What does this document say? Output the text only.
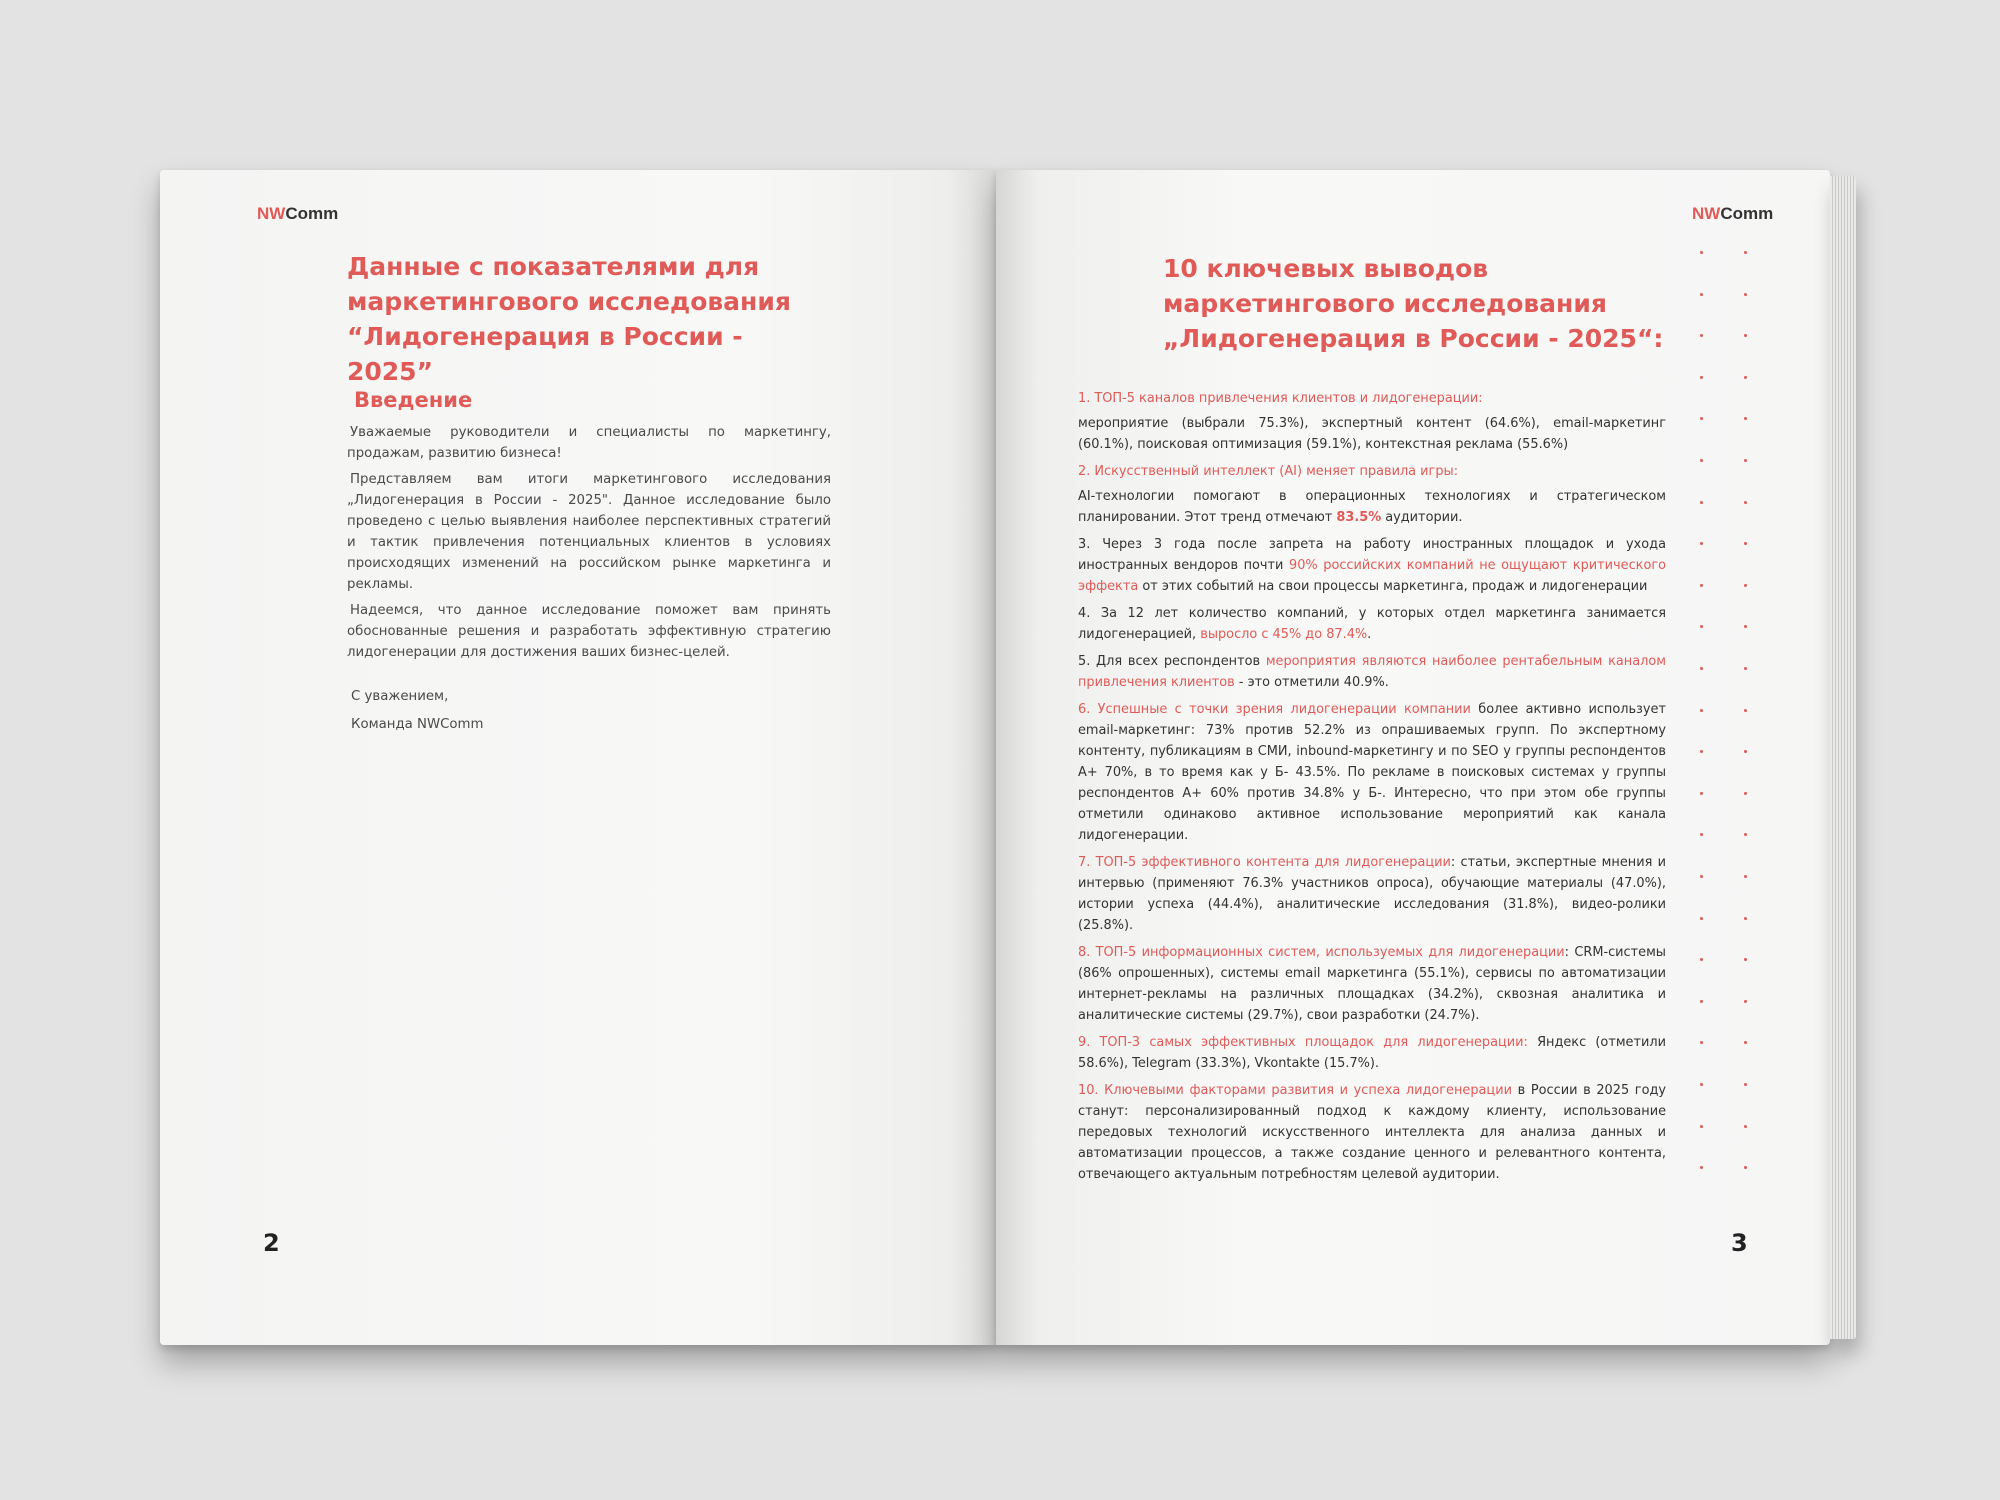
NWComm
Данные с показателями для
маркетингового исследования
“Лидогенерация в России - 2025”
Введение

Уважаемые руководители и специалисты по маркетингу, продажам, развитию бизнеса!

Представляем вам итоги маркетингового исследования „Лидогенерация в России - 2025". Данное исследование было проведено с целью выявления наиболее перспективных стратегий и тактик привлечения потенциальных клиентов в условиях происходящих изменений на российском рынке маркетинга и рекламы.

Надеемся, что данное исследование поможет вам принять обоснованные решения и разработать эффективную стратегию лидогенерации для достижения ваших бизнес-целей.

С уважением,
Команда NWComm
2
NWComm
10 ключевых выводов
маркетингового исследования
„Лидогенерация в России - 2025“:

1. ТОП-5 каналов привлечения клиентов и лидогенерации:

мероприятие (выбрали 75.3%), экспертный контент (64.6%), email-маркетинг (60.1%), поисковая оптимизация (59.1%), контекстная реклама (55.6%)

2. Искусственный интеллект (AI) меняет правила игры:

AI-технологии помогают в операционных технологиях и стратегическом планировании. Этот тренд отмечают 83.5% аудитории.

3. Через 3 года после запрета на работу иностранных площадок и ухода иностранных вендоров почти 90% российских компаний не ощущают критического эффекта от этих событий на свои процессы маркетинга, продаж и лидогенерации

4. За 12 лет количество компаний, у которых отдел маркетинга занимается лидогенерацией, выросло с 45% до 87.4%.

5. Для всех респондентов мероприятия являются наиболее рентабельным каналом привлечения клиентов - это отметили 40.9%.

6. Успешные с точки зрения лидогенерации компании более активно использует email-маркетинг: 73% против 52.2% из опрашиваемых групп. По экспертному контенту, публикациям в СМИ, inbound-маркетингу и по SEO у группы респондентов А+ 70%, в то время как у Б- 43.5%. По рекламе в поисковых системах у группы респондентов А+ 60% против 34.8% у Б-. Интересно, что при этом обе группы отметили одинаково активное использование мероприятий как канала лидогенерации.

7. ТОП-5 эффективного контента для лидогенерации: статьи, экспертные мнения и интервью (применяют 76.3% участников опроса), обучающие материалы (47.0%), истории успеха (44.4%), аналитические исследования (31.8%), видео-ролики (25.8%).

8. ТОП-5 информационных систем, используемых для лидогенерации: CRM-системы (86% опрошенных), системы email маркетинга (55.1%), сервисы по автоматизации интернет-рекламы на различных площадках (34.2%), сквозная аналитика и аналитические системы (29.7%), свои разработки (24.7%).

9. ТОП-3 самых эффективных площадок для лидогенерации: Яндекс (отметили 58.6%), Telegram (33.3%), Vkontakte (15.7%).

10. Ключевыми факторами развития и успеха лидогенерации в России в 2025 году станут: персонализированный подход к каждому клиенту, использование передовых технологий искусственного интеллекта для анализа данных и автоматизации процессов, а также создание ценного и релевантного контента, отвечающего актуальным потребностям целевой аудитории.

3
